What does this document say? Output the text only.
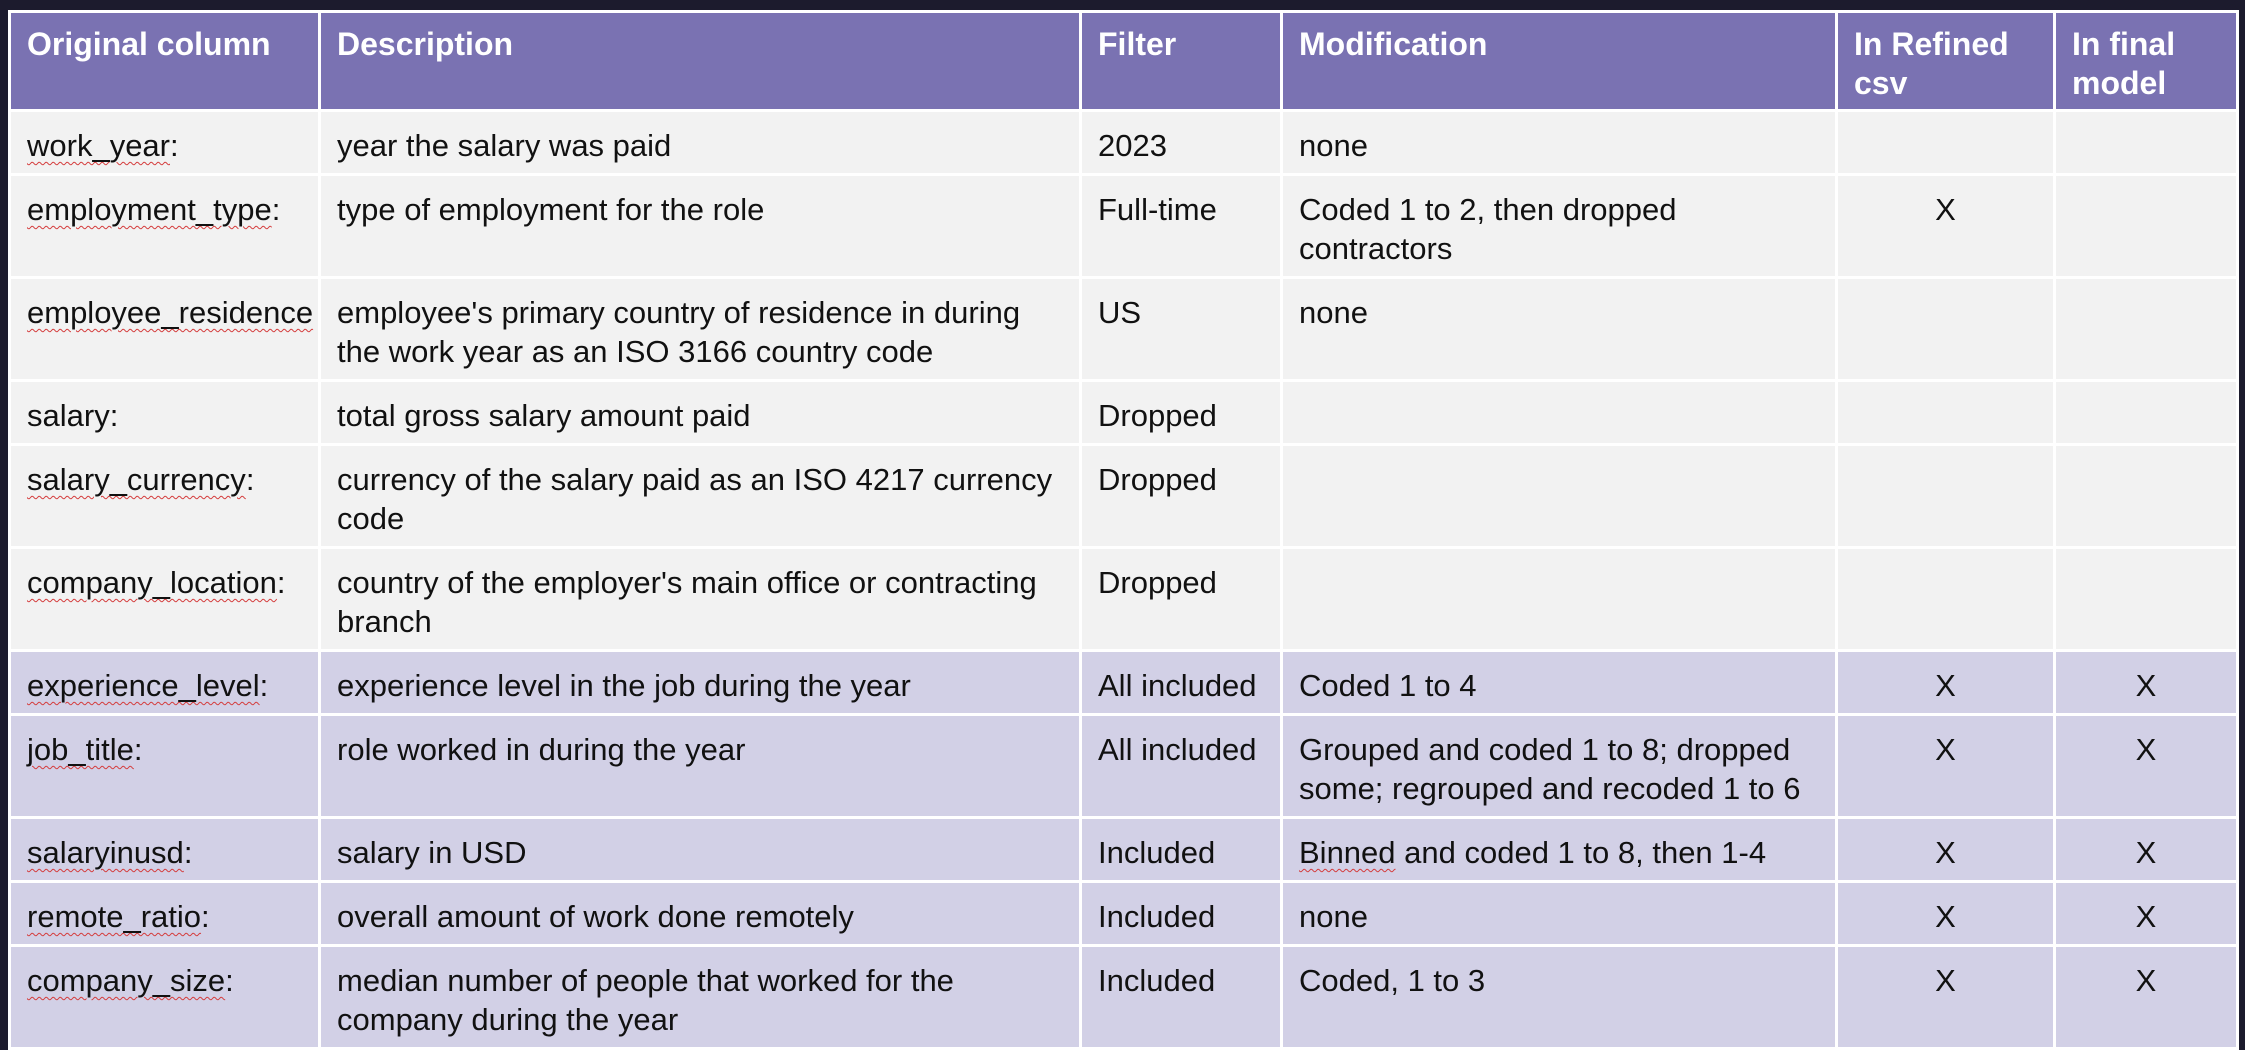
Original column	Description	Filter	Modification	In Refined csv	In final model
work_year:	year the salary was paid	2023	none		
employment_type:	type of employment for the role	Full-time	Coded 1 to 2, then dropped contractors	X	
employee_residence	employee's primary country of residence in during the work year as an ISO 3166 country code	US	none		
salary:	total gross salary amount paid	Dropped			
salary_currency:	currency of the salary paid as an ISO 4217 currency code	Dropped			
company_location:	country of the employer's main office or contracting branch	Dropped			
experience_level:	experience level in the job during the year	All included	Coded 1 to 4	X	X
job_title:	role worked in during the year	All included	Grouped and coded 1 to 8; dropped some; regrouped and recoded 1 to 6	X	X
salaryinusd:	salary in USD	Included	Binned and coded 1 to 8, then 1-4	X	X
remote_ratio:	overall amount of work done remotely	Included	none	X	X
company_size:	median number of people that worked for the company during the year	Included	Coded, 1 to 3	X	X
